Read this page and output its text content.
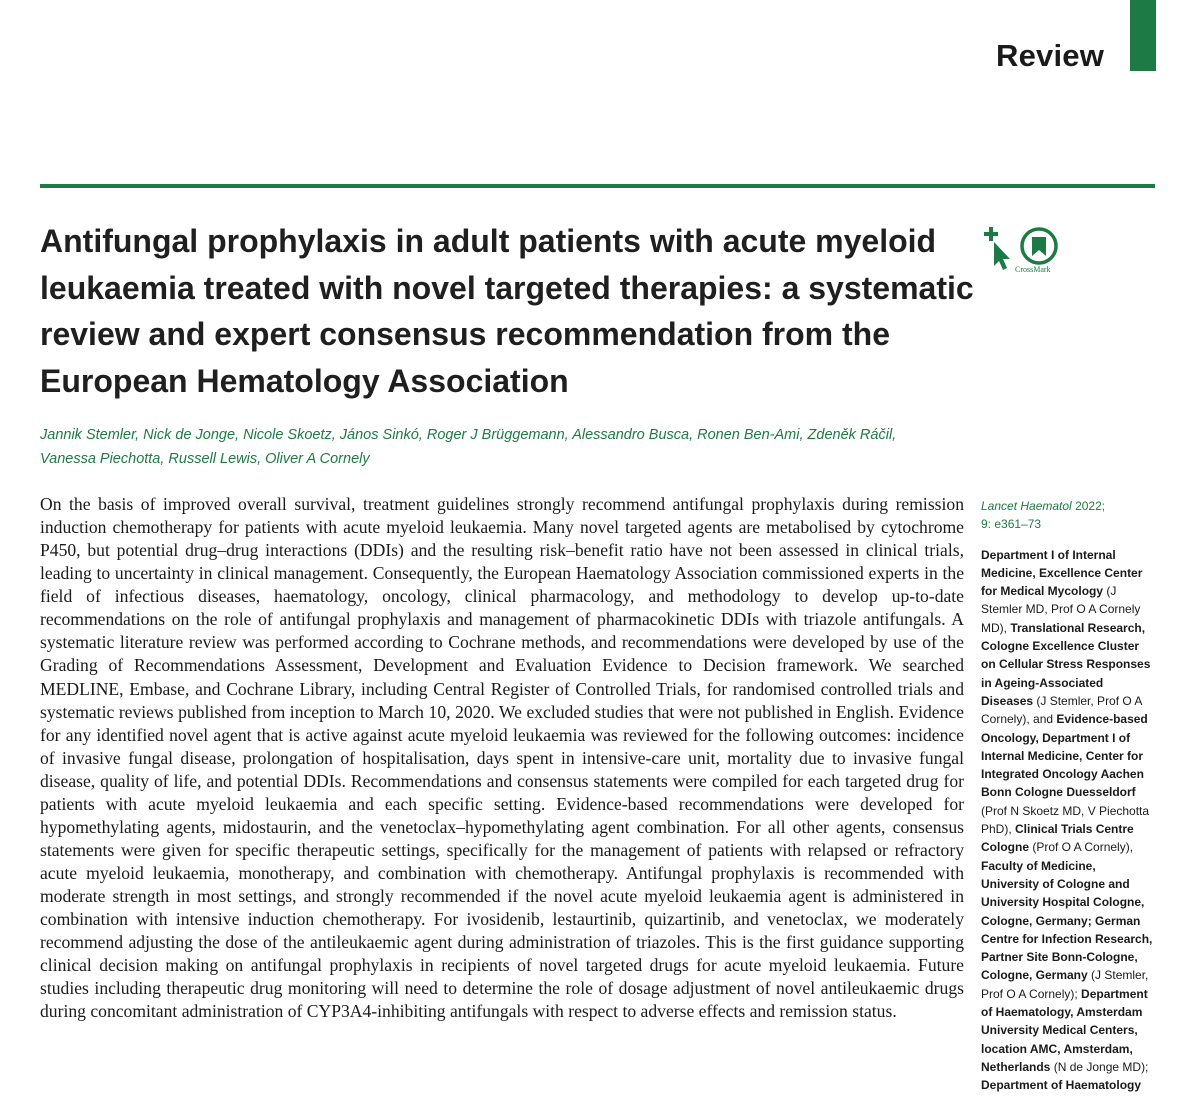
Review
Antifungal prophylaxis in adult patients with acute myeloid leukaemia treated with novel targeted therapies: a systematic review and expert consensus recommendation from the European Hematology Association
CrossMark

Jannik Stemler, Nick de Jonge, Nicole Skoetz, János Sinkó, Roger J Brüggemann, Alessandro Busca, Ronen Ben-Ami, Zdeněk Ráčil, Vanessa Piechotta, Russell Lewis, Oliver A Cornely

On the basis of improved overall survival, treatment guidelines strongly recommend antifungal prophylaxis during remission induction chemotherapy for patients with acute myeloid leukaemia. Many novel targeted agents are metabolised by cytochrome P450, but potential drug–drug interactions (DDIs) and the resulting risk–benefit ratio have not been assessed in clinical trials, leading to uncertainty in clinical management. Consequently, the European Haematology Association commissioned experts in the field of infectious diseases, haematology, oncology, clinical pharmacology, and methodology to develop up-to-date recommendations on the role of antifungal prophylaxis and management of pharmacokinetic DDIs with triazole antifungals. A systematic literature review was performed according to Cochrane methods, and recommendations were developed by use of the Grading of Recommendations Assessment, Development and Evaluation Evidence to Decision framework. We searched MEDLINE, Embase, and Cochrane Library, including Central Register of Controlled Trials, for randomised controlled trials and systematic reviews published from inception to March 10, 2020. We excluded studies that were not published in English. Evidence for any identified novel agent that is active against acute myeloid leukaemia was reviewed for the following outcomes: incidence of invasive fungal disease, prolongation of hospitalisation, days spent in intensive-care unit, mortality due to invasive fungal disease, quality of life, and potential DDIs. Recommendations and consensus statements were compiled for each targeted drug for patients with acute myeloid leukaemia and each specific setting. Evidence-based recommendations were developed for hypomethylating agents, midostaurin, and the venetoclax–hypomethylating agent combination. For all other agents, consensus statements were given for specific therapeutic settings, specifically for the management of patients with relapsed or refractory acute myeloid leukaemia, monotherapy, and combination with chemotherapy. Antifungal prophylaxis is recommended with moderate strength in most settings, and strongly recommended if the novel acute myeloid leukaemia agent is administered in combination with intensive induction chemotherapy. For ivosidenib, lestaurtinib, quizartinib, and venetoclax, we moderately recommend adjusting the dose of the antileukaemic agent during administration of triazoles. This is the first guidance supporting clinical decision making on antifungal prophylaxis in recipients of novel targeted drugs for acute myeloid leukaemia. Future studies including therapeutic drug monitoring will need to determine the role of dosage adjustment of novel antileukaemic drugs during concomitant administration of CYP3A4-inhibiting antifungals with respect to adverse effects and remission status.

Lancet Haematol 2022;
9: e361–73

Department I of Internal Medicine, Excellence Center for Medical Mycology (J Stemler MD, Prof O A Cornely MD), Translational Research, Cologne Excellence Cluster on Cellular Stress Responses in Ageing-Associated Diseases (J Stemler, Prof O A Cornely), and Evidence-based Oncology, Department I of Internal Medicine, Center for Integrated Oncology Aachen Bonn Cologne Duesseldorf (Prof N Skoetz MD, V Piechotta PhD), Clinical Trials Centre Cologne (Prof O A Cornely), Faculty of Medicine, University of Cologne and University Hospital Cologne, Cologne, Germany; German Centre for Infection Research, Partner Site Bonn-Cologne, Cologne, Germany (J Stemler, Prof O A Cornely); Department of Haematology, Amsterdam University Medical Centers, location AMC, Amsterdam, Netherlands (N de Jonge MD); Department of Haematology
